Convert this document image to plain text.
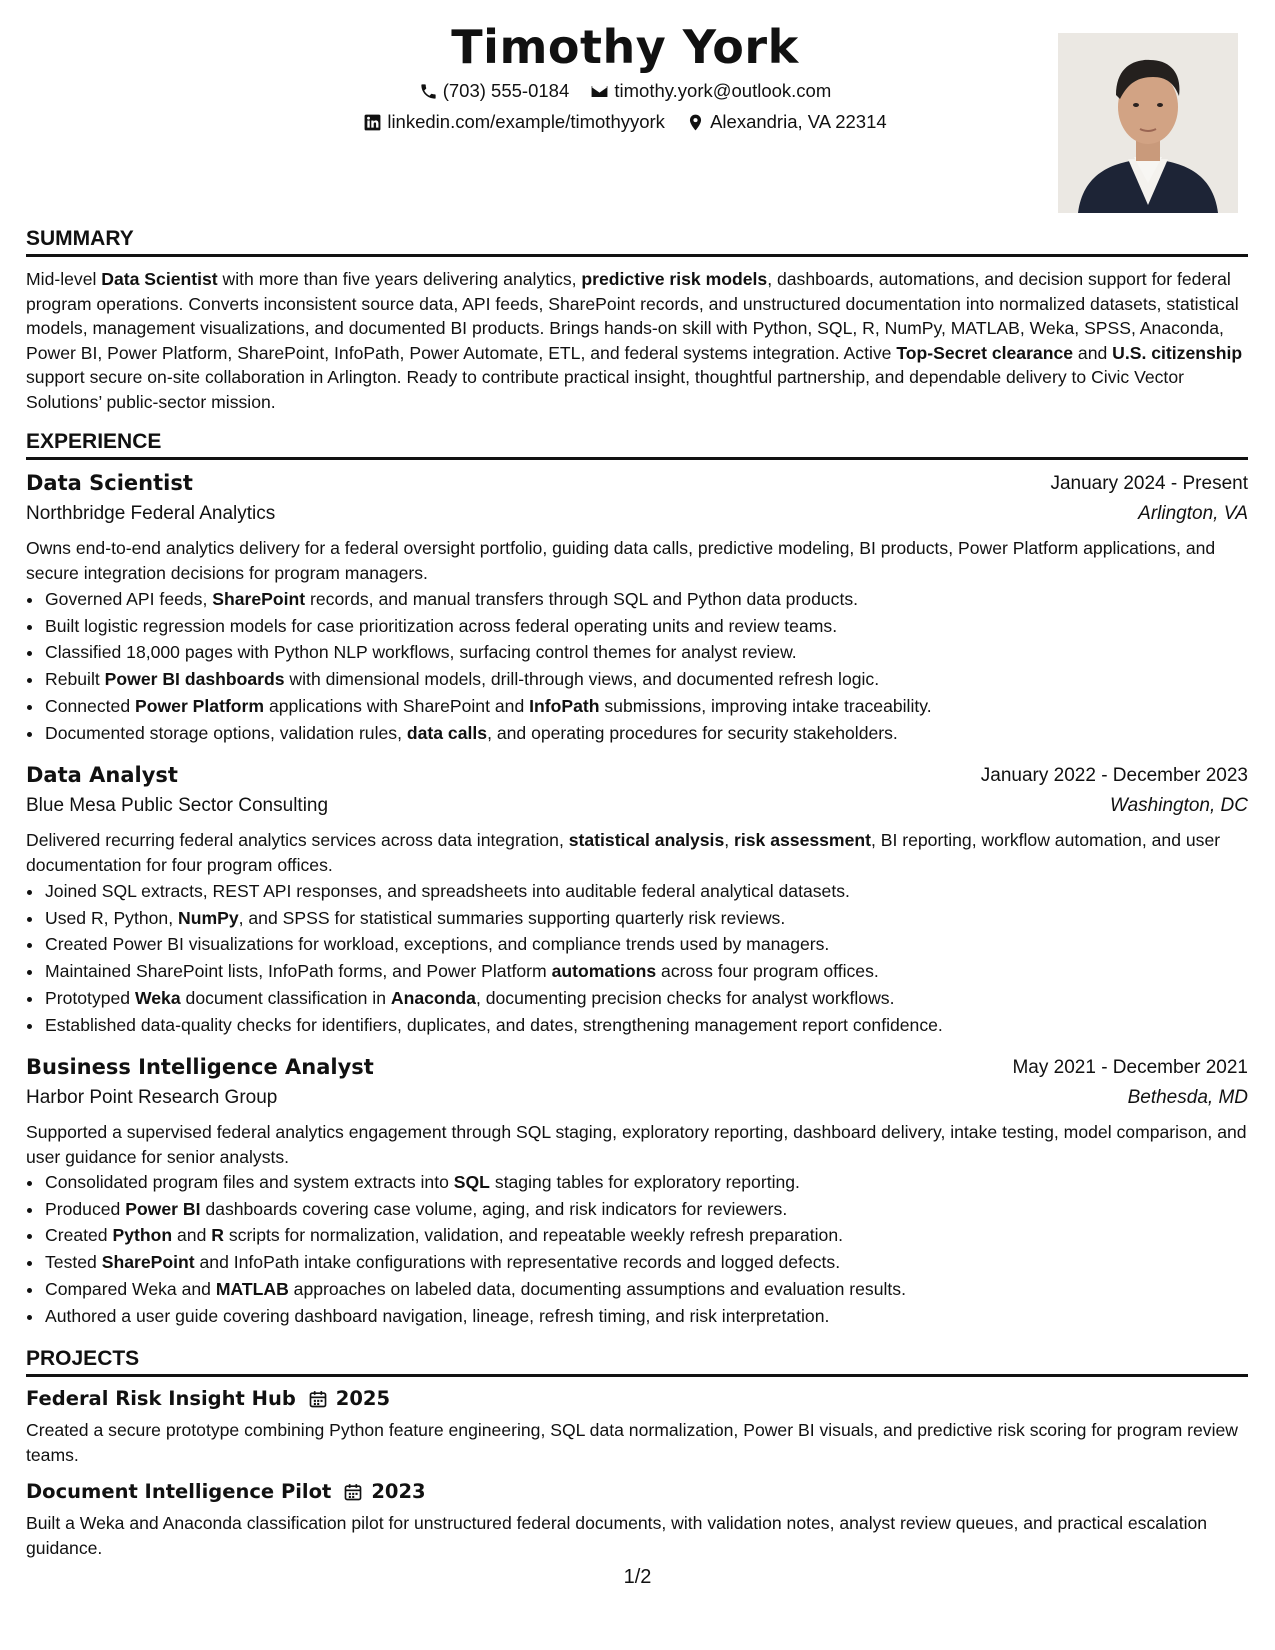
Timothy York
(703) 555-0184
timothy.york@outlook.com
linkedin.com/example/timothyyork
Alexandria, VA 22314
SUMMARY
Mid-level Data Scientist with more than five years delivering analytics, predictive risk models, dashboards, automations, and decision support for federal program operations. Converts inconsistent source data, API feeds, SharePoint records, and unstructured documentation into normalized datasets, statistical models, management visualizations, and documented BI products. Brings hands-on skill with Python, SQL, R, NumPy, MATLAB, Weka, SPSS, Anaconda, Power BI, Power Platform, SharePoint, InfoPath, Power Automate, ETL, and federal systems integration. Active Top-Secret clearance and U.S. citizenship support secure on-site collaboration in Arlington. Ready to contribute practical insight, thoughtful partnership, and dependable delivery to Civic Vector Solutions’ public-sector mission.
EXPERIENCE
Data Scientist	January 2024 - Present
Northbridge Federal Analytics	Arlington, VA
Owns end-to-end analytics delivery for a federal oversight portfolio, guiding data calls, predictive modeling, BI products, Power Platform applications, and secure integration decisions for program managers.
• Governed API feeds, SharePoint records, and manual transfers through SQL and Python data products.
• Built logistic regression models for case prioritization across federal operating units and review teams.
• Classified 18,000 pages with Python NLP workflows, surfacing control themes for analyst review.
• Rebuilt Power BI dashboards with dimensional models, drill-through views, and documented refresh logic.
• Connected Power Platform applications with SharePoint and InfoPath submissions, improving intake traceability.
• Documented storage options, validation rules, data calls, and operating procedures for security stakeholders.
Data Analyst	January 2022 - December 2023
Blue Mesa Public Sector Consulting	Washington, DC
Delivered recurring federal analytics services across data integration, statistical analysis, risk assessment, BI reporting, workflow automation, and user documentation for four program offices.
• Joined SQL extracts, REST API responses, and spreadsheets into auditable federal analytical datasets.
• Used R, Python, NumPy, and SPSS for statistical summaries supporting quarterly risk reviews.
• Created Power BI visualizations for workload, exceptions, and compliance trends used by managers.
• Maintained SharePoint lists, InfoPath forms, and Power Platform automations across four program offices.
• Prototyped Weka document classification in Anaconda, documenting precision checks for analyst workflows.
• Established data-quality checks for identifiers, duplicates, and dates, strengthening management report confidence.
Business Intelligence Analyst	May 2021 - December 2021
Harbor Point Research Group	Bethesda, MD
Supported a supervised federal analytics engagement through SQL staging, exploratory reporting, dashboard delivery, intake testing, model comparison, and user guidance for senior analysts.
• Consolidated program files and system extracts into SQL staging tables for exploratory reporting.
• Produced Power BI dashboards covering case volume, aging, and risk indicators for reviewers.
• Created Python and R scripts for normalization, validation, and repeatable weekly refresh preparation.
• Tested SharePoint and InfoPath intake configurations with representative records and logged defects.
• Compared Weka and MATLAB approaches on labeled data, documenting assumptions and evaluation results.
• Authored a user guide covering dashboard navigation, lineage, refresh timing, and risk interpretation.
PROJECTS
Federal Risk Insight Hub 2025
Created a secure prototype combining Python feature engineering, SQL data normalization, Power BI visuals, and predictive risk scoring for program review teams.
Document Intelligence Pilot 2023
Built a Weka and Anaconda classification pilot for unstructured federal documents, with validation notes, analyst review queues, and practical escalation guidance.
1/2
